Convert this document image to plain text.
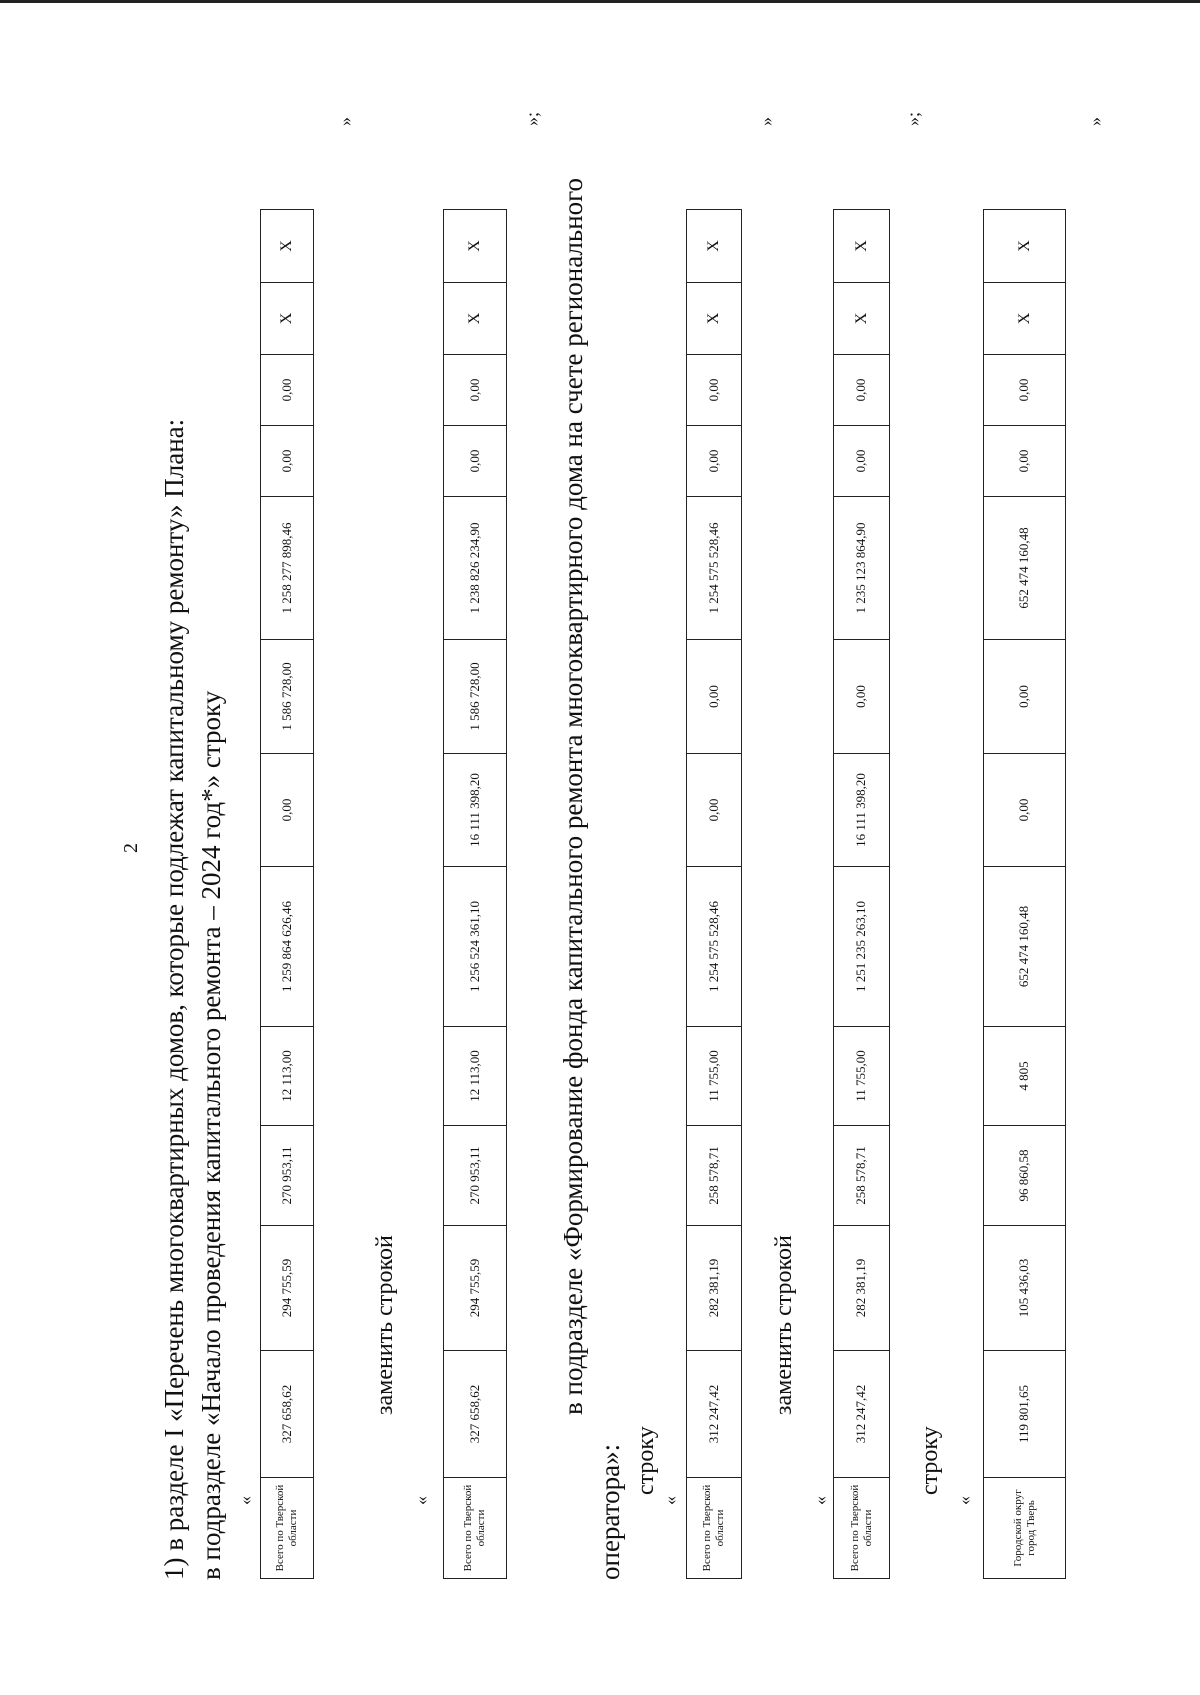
2 1) в разделе I «Перечень многоквартирных домов, которые подлежат капитальному ремонту» Плана: в подразделе «Начало проведения капитального ремонта – 2024 год*» строку « Всего по Тверской области	327 658,62	294 755,59	270 953,11	12 113,00	1 259 864 626,46	0,00	1 586 728,00	1 258 277 898,46	0,00	0,00	X	X
»
заменить строкой
«	Всего по Тверской области	327 658,62	294 755,59	270 953,11	12 113,00	1 256 524 361,10	16 111 398,20	1 586 728,00	1 238 826 234,90	0,00	0,00	X	X
»;
в подразделе «Формирование фонда капитального ремонта многоквартирного дома на счете регионального
оператора»: строку
« Всего по Тверской области	312 247,42	282 381,19	258 578,71	11 755,00	1 254 575 528,46	0,00	0,00	1 254 575 528,46	0,00	0,00	X	X
»
заменить строкой
« Всего по Тверской области	312 247,42	282 381,19	258 578,71	11 755,00	1 251 235 263,10	16 111 398,20	0,00	1 235 123 864,90	0,00	0,00	X	X
»;
строку
«	Городской округ город Тверь	119 801,65	105 436,03	96 860,58	4 805	652 474 160,48	0,00	0,00	652 474 160,48	0,00	0,00	X	X
»
